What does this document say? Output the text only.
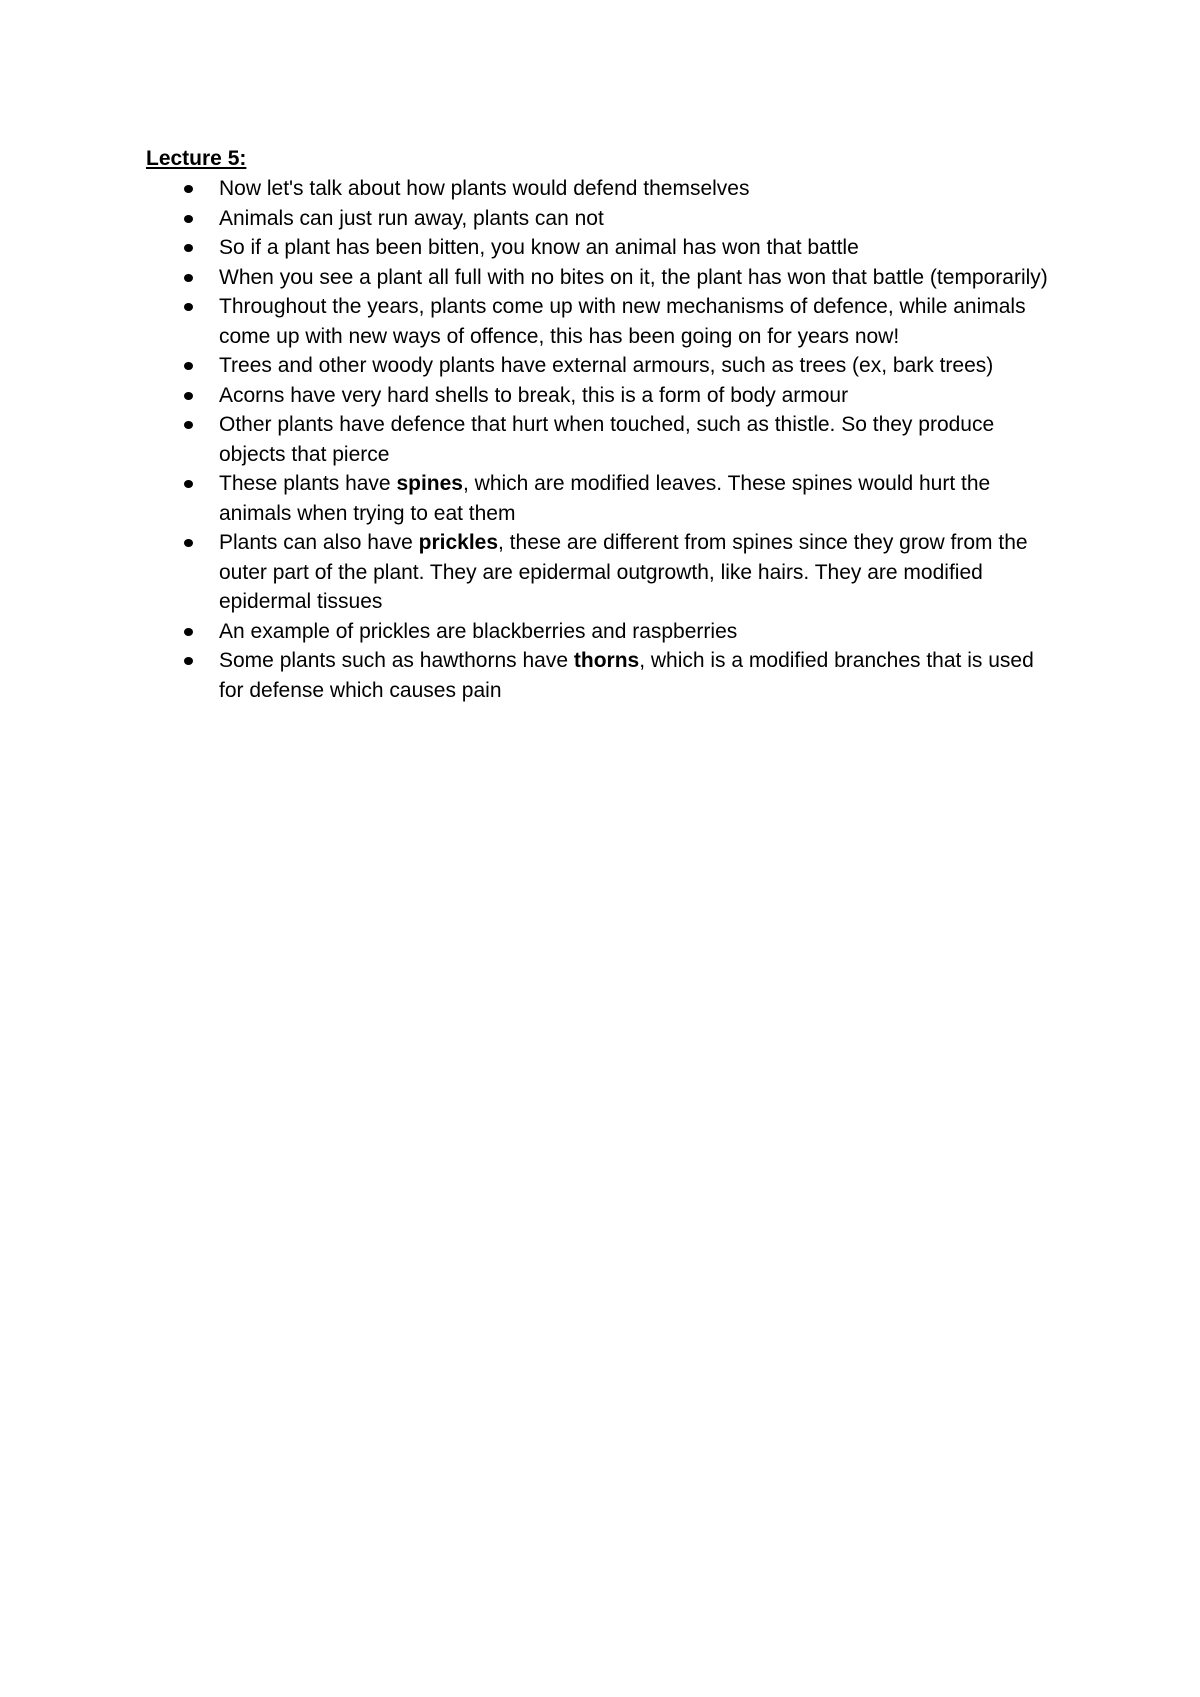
Lecture 5:
Now let's talk about how plants would defend themselves
Animals can just run away, plants can not
So if a plant has been bitten, you know an animal has won that battle
When you see a plant all full with no bites on it, the plant has won that battle (temporarily)
Throughout the years, plants come up with new mechanisms of defence, while animals come up with new ways of offence, this has been going on for years now!
Trees and other woody plants have external armours, such as trees (ex, bark trees)
Acorns have very hard shells to break, this is a form of body armour
Other plants have defence that hurt when touched, such as thistle. So they produce objects that pierce
These plants have spines, which are modified leaves. These spines would hurt the animals when trying to eat them
Plants can also have prickles, these are different from spines since they grow from the outer part of the plant. They are epidermal outgrowth, like hairs. They are modified epidermal tissues
An example of prickles are blackberries and raspberries
Some plants such as hawthorns have thorns, which is a modified branches that is used for defense which causes pain
